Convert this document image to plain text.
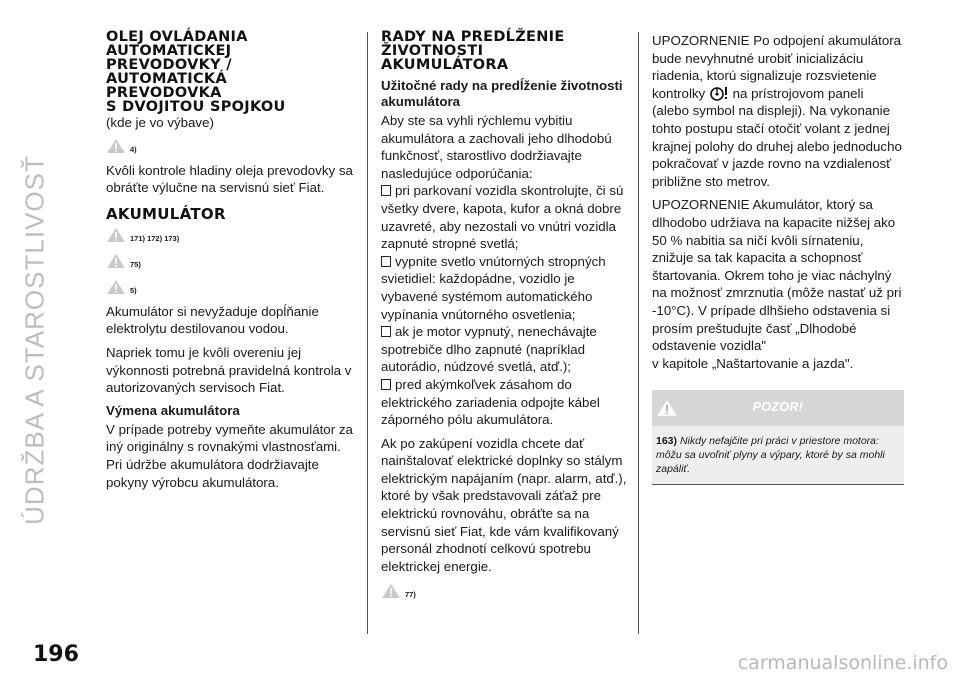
ÚDRŽBA A STAROSTLIVOSŤ
OLEJ OVLÁDANIA
AUTOMATICKEJ
PREVODOVKY /
AUTOMATICKÁ
PREVODOVKA
S DVOJITOU SPOJKOU

(kde je vo výbave)

4)

Kvôli kontrole hladiny oleja prevodovky sa obráťte výlučne na servisnú sieť Fiat.

AKUMULÁTOR
171) 172) 173)
75)
5)

Akumulátor si nevyžaduje dopĺňanie elektrolytu destilovanou vodou.

Napriek tomu je kvôli overeniu jej výkonnosti potrebná pravidelná kontrola v autorizovaných servisoch Fiat.

Výmena akumulátora

V prípade potreby vymeňte akumulátor za iný originálny s rovnakými vlastnosťami. Pri údržbe akumulátora dodržiavajte pokyny výrobcu akumulátora.

RADY NA PREDĹŽENIE
ŽIVOTNOSTI
AKUMULÁTORA
Užitočné rady na predĺženie životnosti akumulátora

Aby ste sa vyhli rýchlemu vybitiu akumulátora a zachovali jeho dlhodobú funkčnosť, starostlivo dodržiavajte nasledujúce odporúčania:

pri parkovaní vozidla skontrolujte, či sú všetky dvere, kapota, kufor a okná dobre uzavreté, aby nezostali vo vnútri vozidla zapnuté stropné svetlá;

vypnite svetlo vnútorných stropných svietidiel: každopádne, vozidlo je vybavené systémom automatického vypínania vnútorného osvetlenia;

ak je motor vypnutý, nenechávajte spotrebiče dlho zapnuté (napríklad autorádio, núdzové svetlá, atď.);

pred akýmkoľvek zásahom do elektrického zariadenia odpojte kábel záporného pólu akumulátora.

Ak po zakúpení vozidla chcete dať nainštalovať elektrické doplnky so stálym elektrickým napájaním (napr. alarm, atď.), ktoré by však predstavovali záťaž pre elektrickú rovnováhu, obráťte sa na servisnú sieť Fiat, kde vám kvalifikovaný personál zhodnotí celkovú spotrebu elektrickej energie.

77)

UPOZORNENIE Po odpojení akumulátora bude nevyhnutné urobiť inicializáciu riadenia, ktorú signalizuje rozsvietenie kontrolky na prístrojovom paneli (alebo symbol na displeji). Na vykonanie tohto postupu stačí otočiť volant z jednej krajnej polohy do druhej alebo jednoducho pokračovať v jazde rovno na vzdialenosť približne sto metrov.

UPOZORNENIE Akumulátor, ktorý sa dlhodobo udržiava na kapacite nižšej ako 50 % nabitia sa ničí kvôli sírnateniu, znižuje sa tak kapacita a schopnosť štartovania. Okrem toho je viac náchylný na možnosť zmrznutia (môže nastať už pri -10°C). V prípade dlhšieho odstavenia si prosím preštudujte časť „Dlhodobé odstavenie vozidla"
v kapitole „Naštartovanie a jazda".

POZOR!
163) Nikdy nefajčite pri práci v priestore motora: môžu sa uvoľniť plyny a výpary, ktoré by sa mohli zapáliť.
196	carmanualsonline.info
